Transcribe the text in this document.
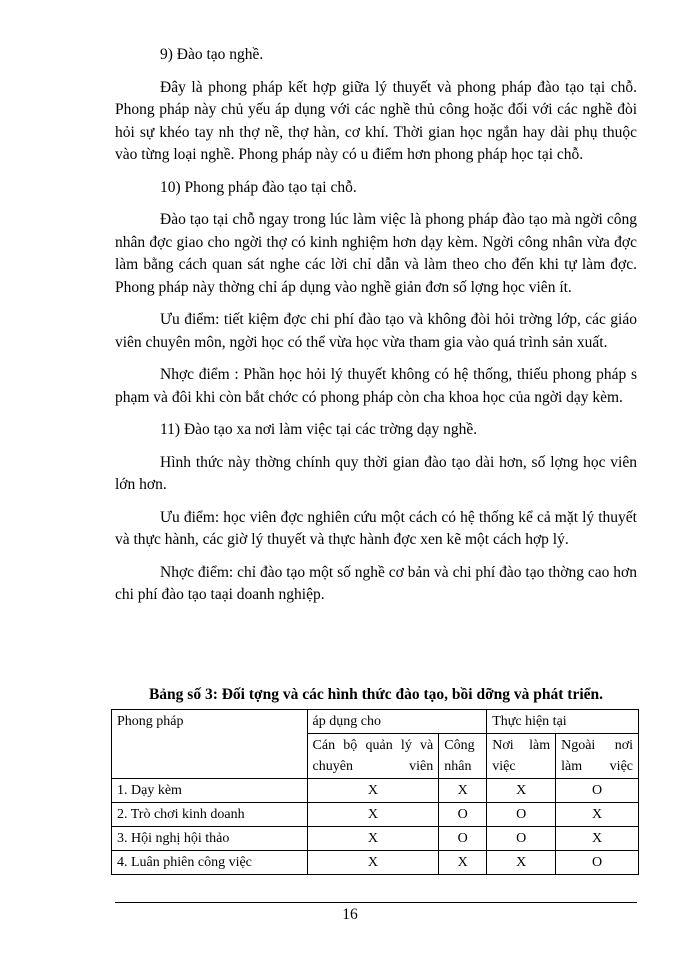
9) Đào tạo nghề.

Đây là phong pháp kết hợp giữa lý thuyết và phong pháp đào tạo tại chỗ. Phong pháp này chủ yếu áp dụng với các nghề thủ công hoặc đối với các nghề đòi hỏi sự khéo tay nh thợ nề, thợ hàn, cơ khí. Thời gian học ngắn hay dài phụ thuộc vào từng loại nghề. Phong pháp này có u điểm hơn phong pháp học tại chỗ.

10) Phong pháp đào tạo tại chỗ.

Đào tạo tại chỗ ngay trong lúc làm việc là phong pháp đào tạo mà ngời công nhân đợc giao cho ngời thợ có kinh nghiệm hơn dạy kèm. Ngời công nhân vừa đợc làm bằng cách quan sát nghe các lời chỉ dẫn và làm theo cho đến khi tự làm đợc. Phong pháp này thờng chỉ áp dụng vào nghề giản đơn số lợng học viên ít.

Ưu điểm: tiết kiệm đợc chi phí đào tạo và không đòi hỏi trờng lớp, các giáo viên chuyên môn, ngời học có thể vừa học vừa tham gia vào quá trình sản xuất.

Nhợc điểm : Phần học hỏi lý thuyết không có hệ thống, thiếu phong pháp s phạm và đôi khi còn bắt chớc có phong pháp còn cha khoa học của ngời dạy kèm.

11) Đào tạo xa nơi làm việc tại các trờng dạy nghề.

Hình thức này thờng chính quy thời gian đào tạo dài hơn, số lợng học viên lớn hơn.

Ưu điểm: học viên đợc nghiên cứu một cách có hệ thống kể cả mặt lý thuyết và thực hành, các giờ lý thuyết và thực hành đợc xen kẽ một cách hợp lý.

Nhợc điểm: chỉ đào tạo một số nghề cơ bản và chi phí đào tạo thờng cao hơn chi phí đào tạo taại doanh nghiệp.

Bảng số 3: Đối tợng và các hình thức đào tạo, bồi dỡng và phát triển.
Phong pháp	áp dụng cho		Thực hiện tại	
	Cán bộ quản lý và chuyên viên	Công nhân	Nơi làm việc	Ngoài nơi làm việc
1. Dạy kèm	X	X	X	O
2. Trò chơi kinh doanh	X	O	O	X
3. Hội nghị hội thảo	X	O	O	X
4. Luân phiên công việc	X	X	X	O
16
